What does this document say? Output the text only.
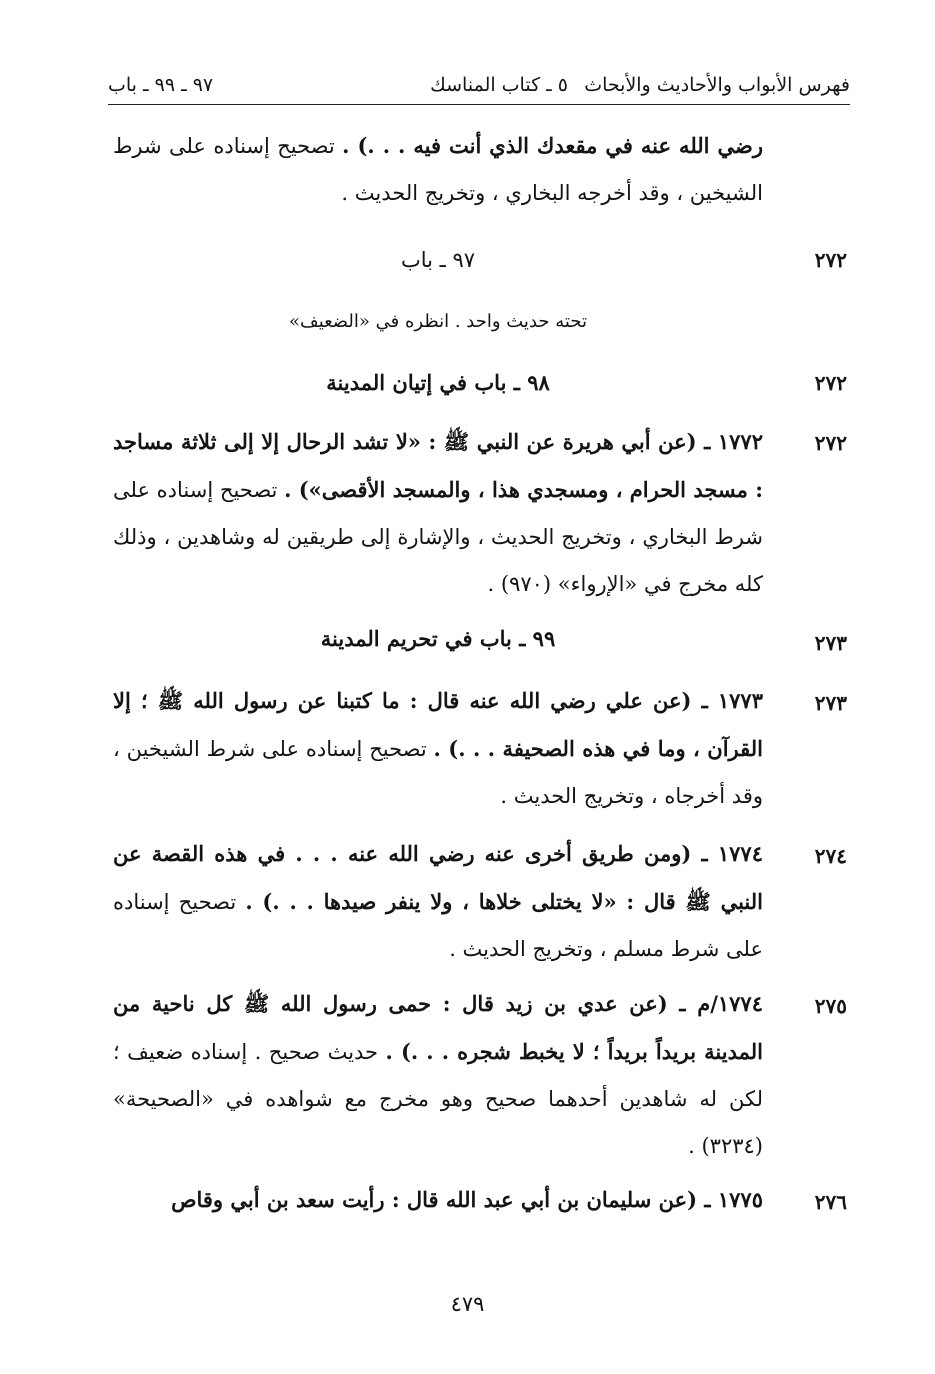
فهرس الأبواب والأحاديث والأبحاث
٥ ـ كتاب المناسك
٩٧ ـ ٩٩ ـ باب

رضي الله عنه في مقعدك الذي أنت فيه . . .) . تصحيح إسناده على شرط الشيخين ، وقد أخرجه البخاري ، وتخريج الحديث .

٢٧٢
٩٧ ـ باب
تحته حديث واحد . انظره في «الضعيف»
٢٧٢
٩٨ ـ باب في إتيان المدينة
٢٧٢

١٧٧٢ ـ (عن أبي هريرة عن النبي ﷺ : «لا تشد الرحال إلا إلى ثلاثة مساجد : مسجد الحرام ، ومسجدي هذا ، والمسجد الأقصى») . تصحيح إسناده على شرط البخاري ، وتخريج الحديث ، والإشارة إلى طريقين له وشاهدين ، وذلك كله مخرج في «الإرواء» (٩٧٠) .

٢٧٣
٩٩ ـ باب في تحريم المدينة
٢٧٣

١٧٧٣ ـ (عن علي رضي الله عنه قال : ما كتبنا عن رسول الله ﷺ ؛ إلا القرآن ، وما في هذه الصحيفة . . .) . تصحيح إسناده على شرط الشيخين ، وقد أخرجاه ، وتخريج الحديث .

٢٧٤

١٧٧٤ ـ (ومن طريق أخرى عنه رضي الله عنه . . . في هذه القصة عن النبي ﷺ قال : «لا يختلى خلاها ، ولا ينفر صيدها . . .) . تصحيح إسناده على شرط مسلم ، وتخريج الحديث .

٢٧٥

١٧٧٤/م ـ (عن عدي بن زيد قال : حمى رسول الله ﷺ كل ناحية من المدينة بريداً بريداً ؛ لا يخبط شجره . . .) . حديث صحيح . إسناده ضعيف ؛ لكن له شاهدين أحدهما صحيح وهو مخرج مع شواهده في «الصحيحة» (٣٢٣٤) .

٢٧٦

١٧٧٥ ـ (عن سليمان بن أبي عبد الله قال : رأيت سعد بن أبي وقاص

٤٧٩
